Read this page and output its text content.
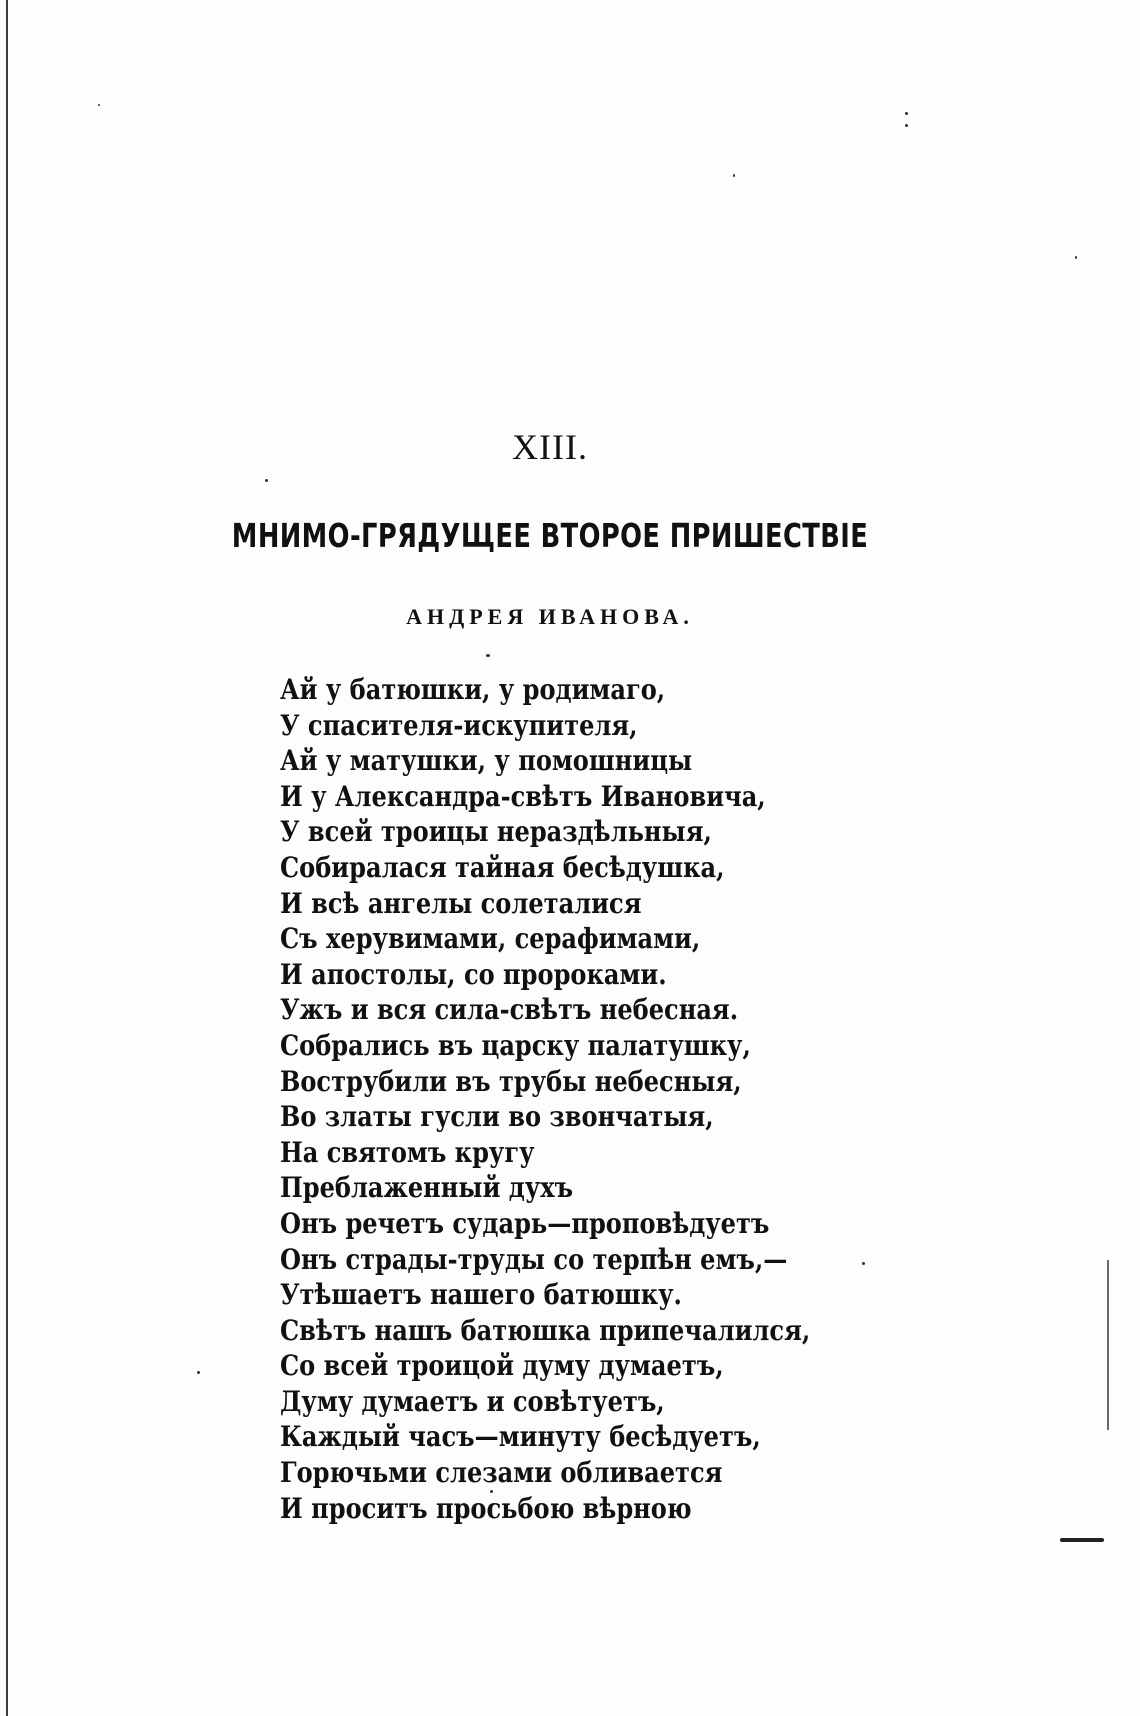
XIII.
МНИМО-ГРЯДУЩЕЕ ВТОРОЕ ПРИШЕСТВІЕ
АНДРЕЯ ИВАНОВА.
Ай у батюшки, у родимаго,
У спасителя-искупителя,
Ай у матушки, у помошницы
И у Александра-свѣтъ Ивановича,
У всей троицы нераздѣльныя,
Собиралася тайная бесѣдушка,
И всѣ ангелы солеталися
Съ херувимами, серафимами,
И апостолы, со пророками.
Ужъ и вся сила-свѣтъ небесная.
Собрались въ царску палатушку,
Вострубили въ трубы небесныя,
Во златы гусли во звончатыя,
На святомъ кругу
Преблаженный духъ
Онъ речетъ сударь—проповѣдуетъ
Онъ страды-труды со терпѣн емъ,—
Утѣшаетъ нашего батюшку.
Свѣтъ нашъ батюшка припечалился,
Со всей троицой думу думаетъ,
Думу думаетъ и совѣтуетъ,
Каждый часъ—минуту бесѣдуетъ,
Горючьми слезами обливается
И проситъ просьбою вѣрною
